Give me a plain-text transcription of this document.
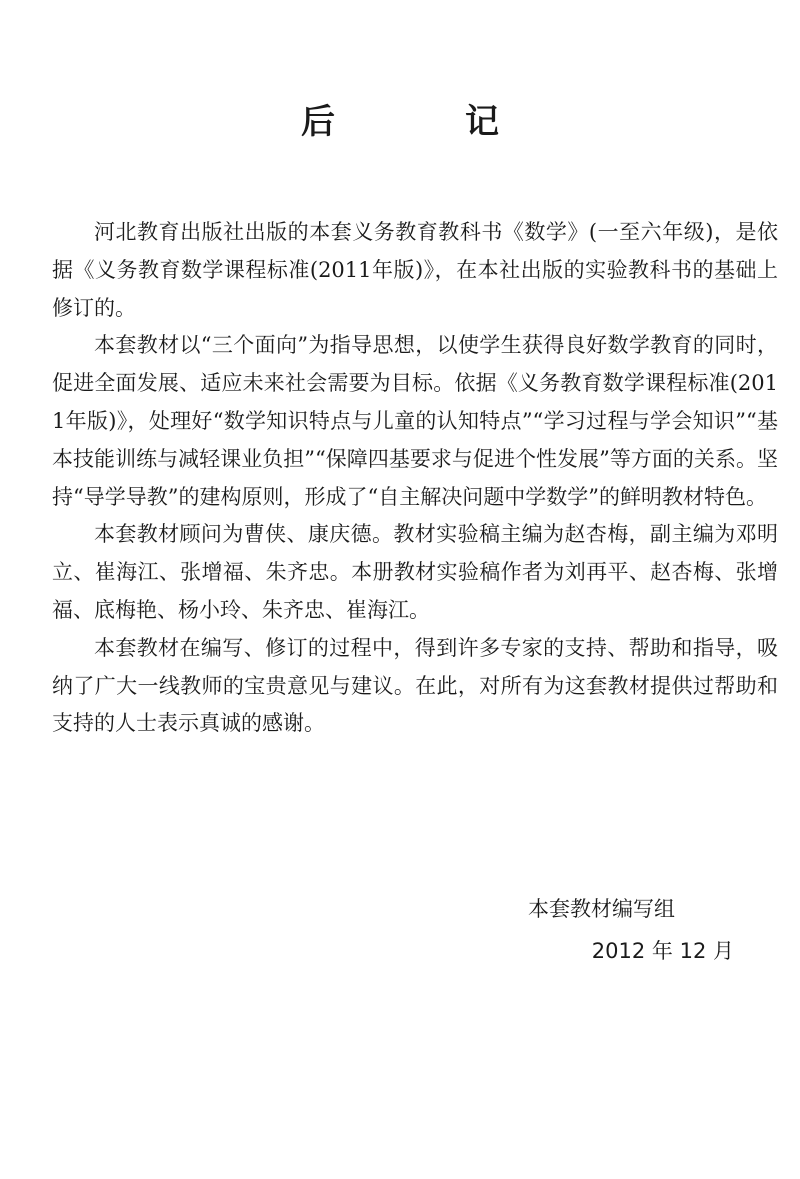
后　记

河北教育出版社出版的本套义务教育教科书《数学》(一至六年级)，是依据《义务教育数学课程标准(2011年版)》，在本社出版的实验教科书的基础上修订的。

本套教材以“三个面向”为指导思想，以使学生获得良好数学教育的同时，促进全面发展、适应未来社会需要为目标。依据《义务教育数学课程标准(2011年版)》，处理好“数学知识特点与儿童的认知特点”“学习过程与学会知识”“基本技能训练与减轻课业负担”“保障四基要求与促进个性发展”等方面的关系。坚持“导学导教”的建构原则，形成了“自主解决问题中学数学”的鲜明教材特色。

本套教材顾问为曹侠、康庆德。教材实验稿主编为赵杏梅，副主编为邓明立、崔海江、张增福、朱齐忠。本册教材实验稿作者为刘再平、赵杏梅、张增福、底梅艳、杨小玲、朱齐忠、崔海江。

本套教材在编写、修订的过程中，得到许多专家的支持、帮助和指导，吸纳了广大一线教师的宝贵意见与建议。在此，对所有为这套教材提供过帮助和支持的人士表示真诚的感谢。

本套教材编写组
2012 年 12 月
